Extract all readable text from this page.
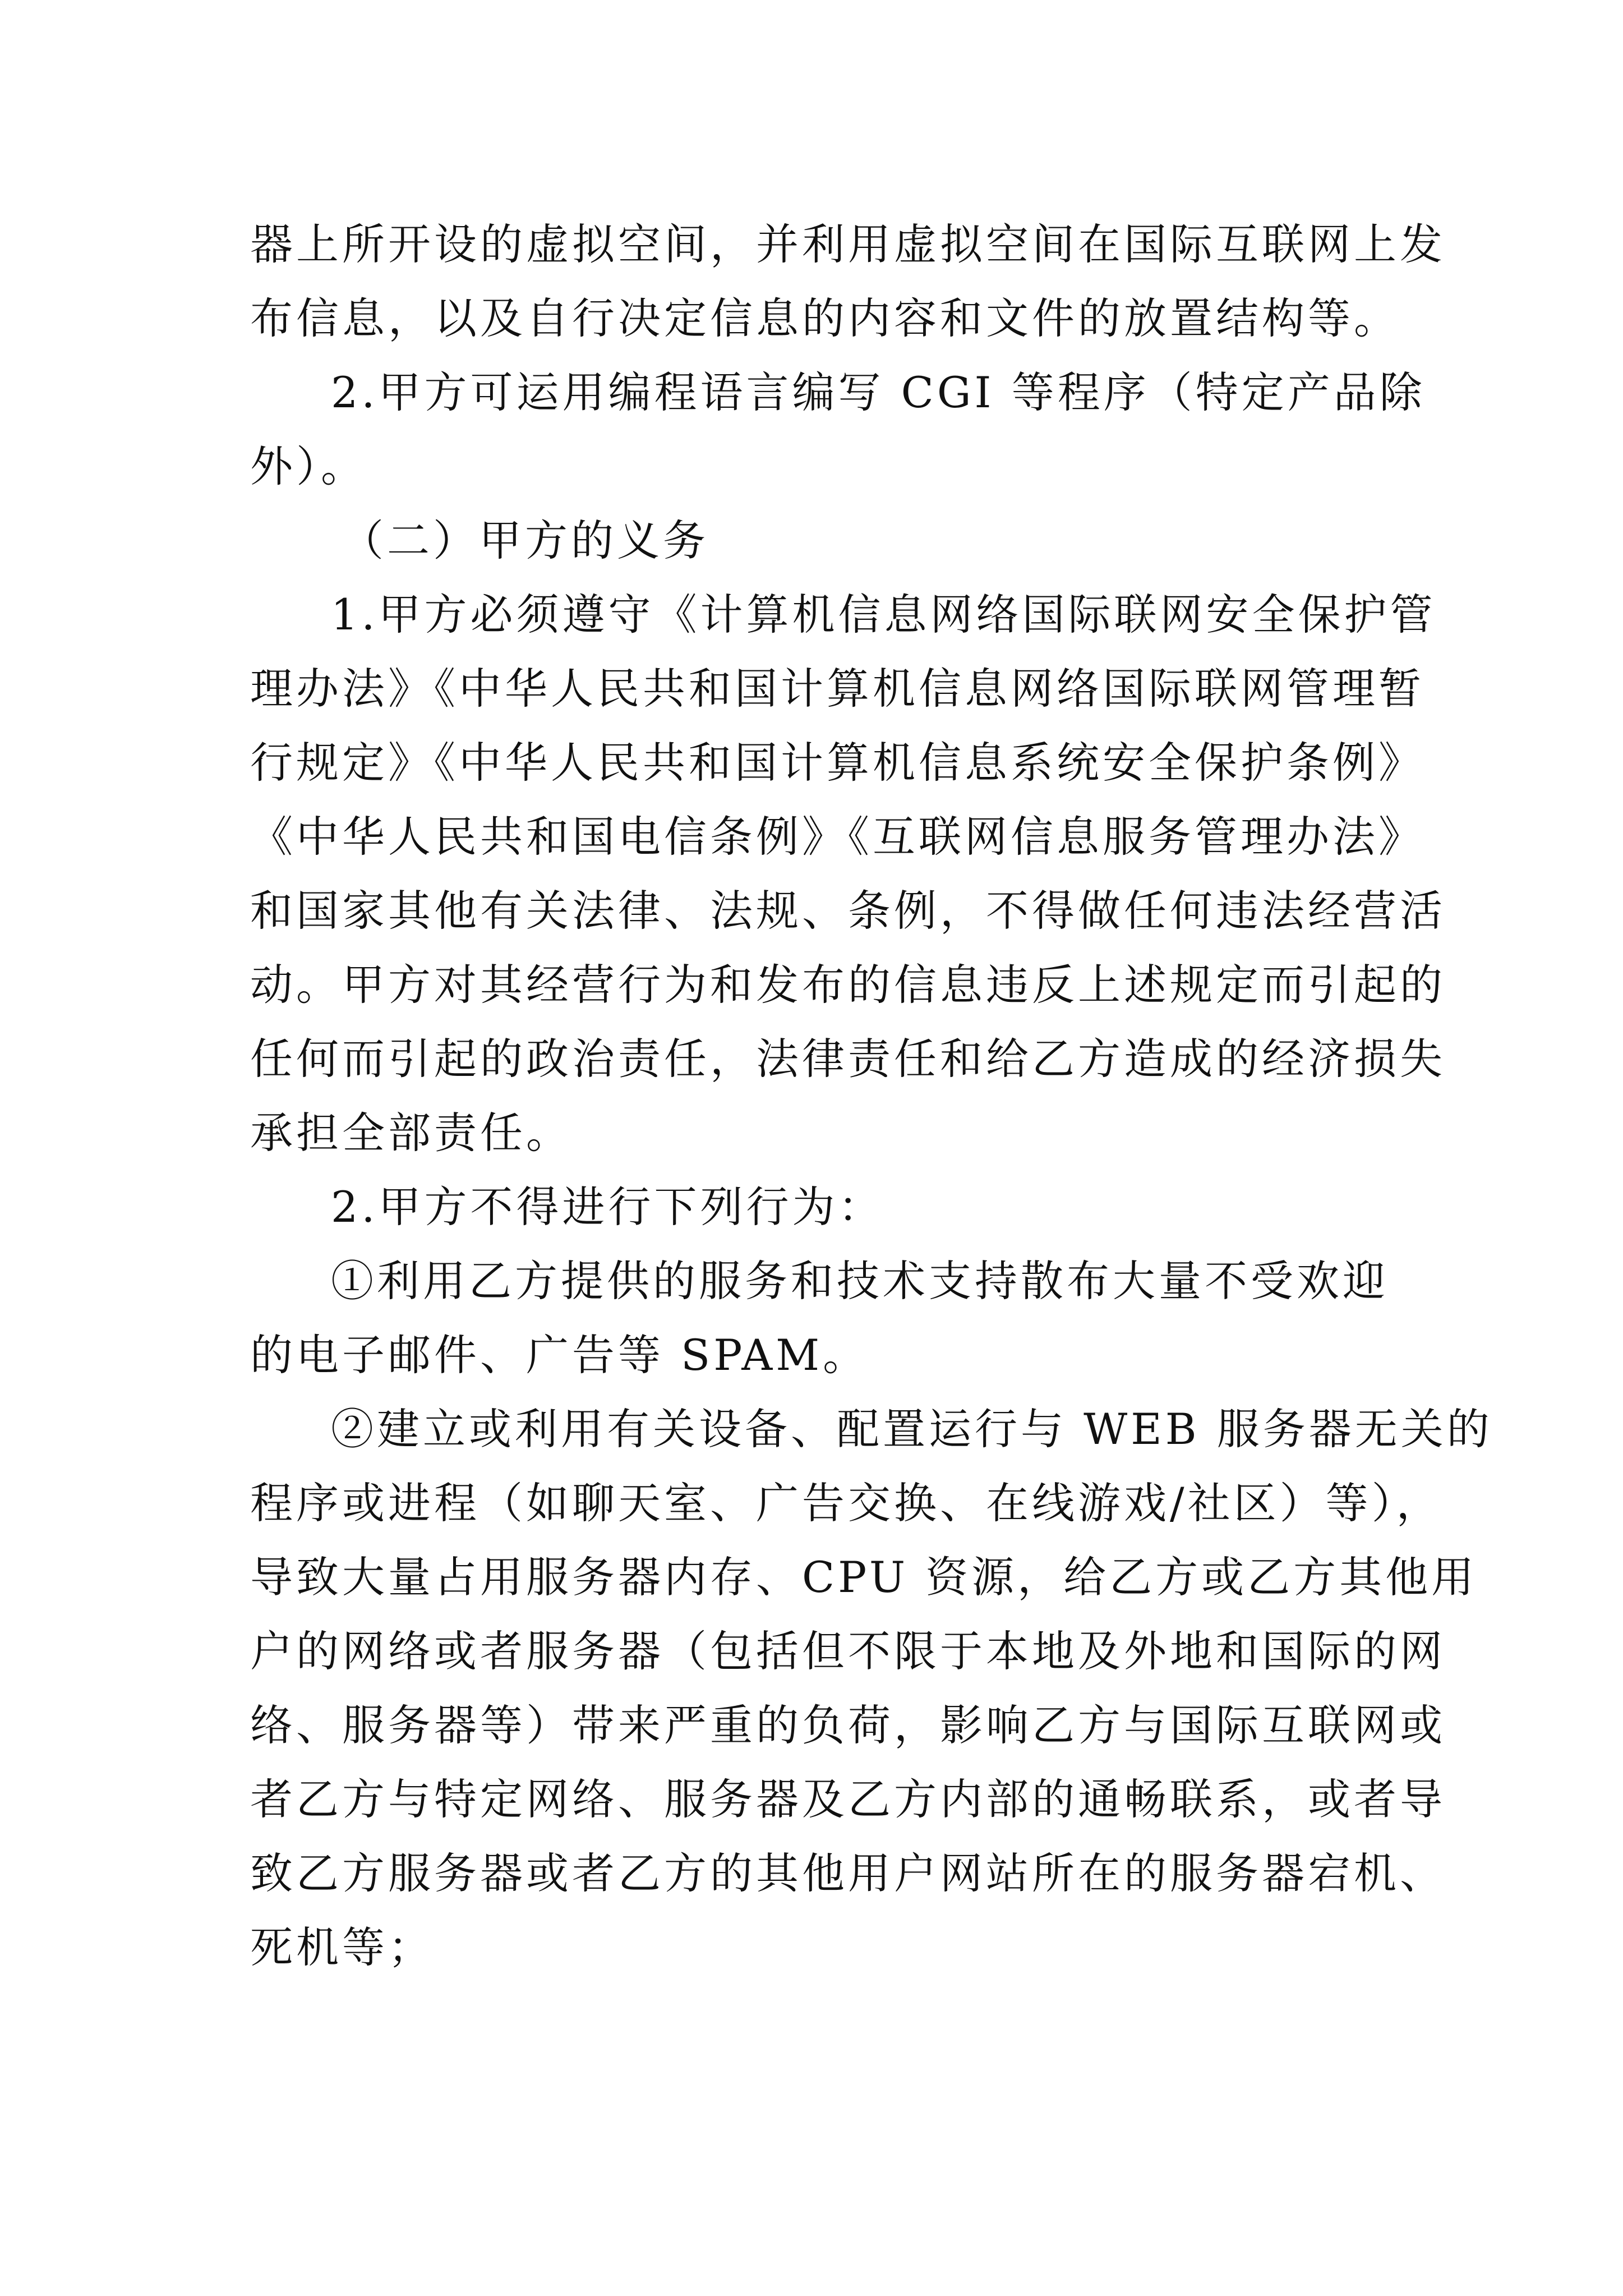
器上所开设的虚拟空间，并利用虚拟空间在国际互联网上发
布信息，以及自行决定信息的内容和文件的放置结构等。
2.甲方可运用编程语言编写 CGI 等程序（特定产品除
外）。
（二）甲方的义务
1.甲方必须遵守《计算机信息网络国际联网安全保护管
理办法》《中华人民共和国计算机信息网络国际联网管理暂
行规定》《中华人民共和国计算机信息系统安全保护条例》
《中华人民共和国电信条例》《互联网信息服务管理办法》
和国家其他有关法律、法规、条例，不得做任何违法经营活
动。甲方对其经营行为和发布的信息违反上述规定而引起的
任何而引起的政治责任，法律责任和给乙方造成的经济损失
承担全部责任。
2.甲方不得进行下列行为：
①利用乙方提供的服务和技术支持散布大量不受欢迎
的电子邮件、广告等 SPAM。
②建立或利用有关设备、配置运行与 WEB 服务器无关的
程序或进程（如聊天室、广告交换、在线游戏/社区）等），
导致大量占用服务器内存、CPU 资源，给乙方或乙方其他用
户的网络或者服务器（包括但不限于本地及外地和国际的网
络、服务器等）带来严重的负荷，影响乙方与国际互联网或
者乙方与特定网络、服务器及乙方内部的通畅联系，或者导
致乙方服务器或者乙方的其他用户网站所在的服务器宕机、
死机等；
